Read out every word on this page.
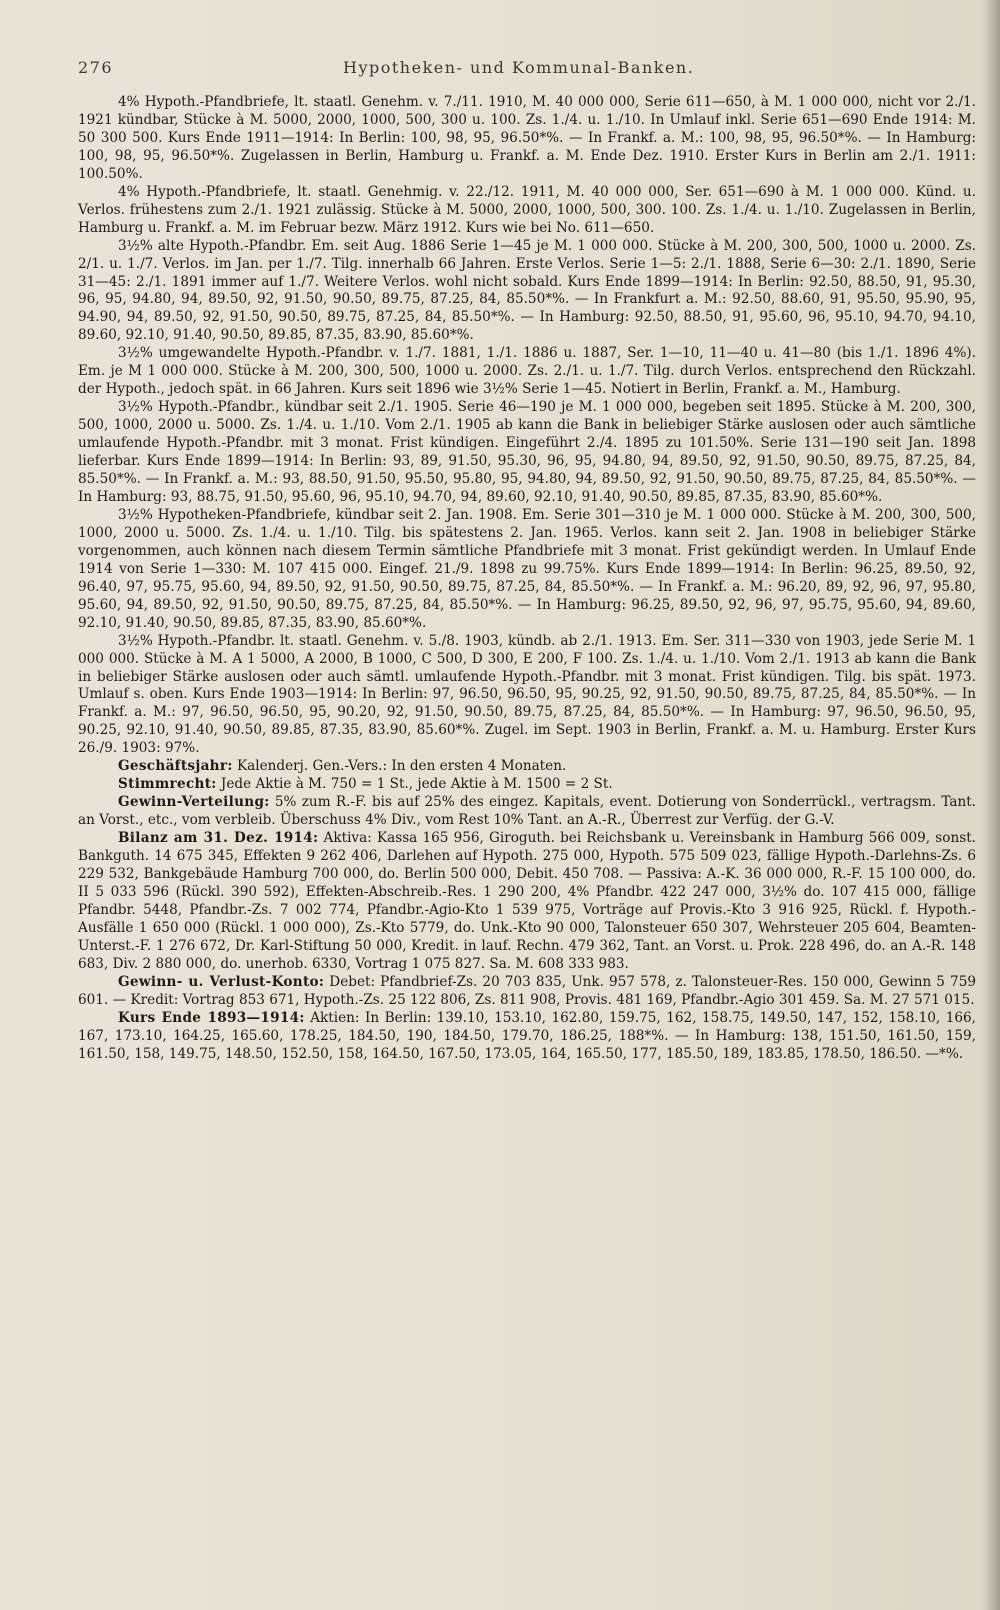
276	Hypotheken- und Kommunal-Banken.

4% Hypoth.-Pfandbriefe, lt. staatl. Genehm. v. 7./11. 1910, M. 40 000 000, Serie 611—650, à M. 1 000 000, nicht vor 2./1. 1921 kündbar, Stücke à M. 5000, 2000, 1000, 500, 300 u. 100. Zs. 1./4. u. 1./10. In Umlauf inkl. Serie 651—690 Ende 1914: M. 50 300 500. Kurs Ende 1911—1914: In Berlin: 100, 98, 95, 96.50*%. — In Frankf. a. M.: 100, 98, 95, 96.50*%. — In Hamburg: 100, 98, 95, 96.50*%. Zugelassen in Berlin, Hamburg u. Frankf. a. M. Ende Dez. 1910. Erster Kurs in Berlin am 2./1. 1911: 100.50%.

4% Hypoth.-Pfandbriefe, lt. staatl. Genehmig. v. 22./12. 1911, M. 40 000 000, Ser. 651—690 à M. 1 000 000. Künd. u. Verlos. frühestens zum 2./1. 1921 zulässig. Stücke à M. 5000, 2000, 1000, 500, 300. 100. Zs. 1./4. u. 1./10. Zugelassen in Berlin, Hamburg u. Frankf. a. M. im Februar bezw. März 1912. Kurs wie bei No. 611—650.

3½% alte Hypoth.-Pfandbr. Em. seit Aug. 1886 Serie 1—45 je M. 1 000 000. Stücke à M. 200, 300, 500, 1000 u. 2000. Zs. 2/1. u. 1./7. Verlos. im Jan. per 1./7. Tilg. innerhalb 66 Jahren. Erste Verlos. Serie 1—5: 2./1. 1888, Serie 6—30: 2./1. 1890, Serie 31—45: 2./1. 1891 immer auf 1./7. Weitere Verlos. wohl nicht sobald. Kurs Ende 1899—1914: In Berlin: 92.50, 88.50, 91, 95.30, 96, 95, 94.80, 94, 89.50, 92, 91.50, 90.50, 89.75, 87.25, 84, 85.50*%. — In Frankfurt a. M.: 92.50, 88.60, 91, 95.50, 95.90, 95, 94.90, 94, 89.50, 92, 91.50, 90.50, 89.75, 87.25, 84, 85.50*%. — In Hamburg: 92.50, 88.50, 91, 95.60, 96, 95.10, 94.70, 94.10, 89.60, 92.10, 91.40, 90.50, 89.85, 87.35, 83.90, 85.60*%.

3½% umgewandelte Hypoth.-Pfandbr. v. 1./7. 1881, 1./1. 1886 u. 1887, Ser. 1—10, 11—40 u. 41—80 (bis 1./1. 1896 4%). Em. je M 1 000 000. Stücke à M. 200, 300, 500, 1000 u. 2000. Zs. 2./1. u. 1./7. Tilg. durch Verlos. entsprechend den Rückzahl. der Hypoth., jedoch spät. in 66 Jahren. Kurs seit 1896 wie 3½% Serie 1—45. Notiert in Berlin, Frankf. a. M., Hamburg.

3½% Hypoth.-Pfandbr., kündbar seit 2./1. 1905. Serie 46—190 je M. 1 000 000, begeben seit 1895. Stücke à M. 200, 300, 500, 1000, 2000 u. 5000. Zs. 1./4. u. 1./10. Vom 2./1. 1905 ab kann die Bank in beliebiger Stärke auslosen oder auch sämtliche umlaufende Hypoth.-Pfandbr. mit 3 monat. Frist kündigen. Eingeführt 2./4. 1895 zu 101.50%. Serie 131—190 seit Jan. 1898 lieferbar. Kurs Ende 1899—1914: In Berlin: 93, 89, 91.50, 95.30, 96, 95, 94.80, 94, 89.50, 92, 91.50, 90.50, 89.75, 87.25, 84, 85.50*%. — In Frankf. a. M.: 93, 88.50, 91.50, 95.50, 95.80, 95, 94.80, 94, 89.50, 92, 91.50, 90.50, 89.75, 87.25, 84, 85.50*%. — In Hamburg: 93, 88.75, 91.50, 95.60, 96, 95.10, 94.70, 94, 89.60, 92.10, 91.40, 90.50, 89.85, 87.35, 83.90, 85.60*%.

3½% Hypotheken-Pfandbriefe, kündbar seit 2. Jan. 1908. Em. Serie 301—310 je M. 1 000 000. Stücke à M. 200, 300, 500, 1000, 2000 u. 5000. Zs. 1./4. u. 1./10. Tilg. bis spätestens 2. Jan. 1965. Verlos. kann seit 2. Jan. 1908 in beliebiger Stärke vorgenommen, auch können nach diesem Termin sämtliche Pfandbriefe mit 3 monat. Frist gekündigt werden. In Umlauf Ende 1914 von Serie 1—330: M. 107 415 000. Eingef. 21./9. 1898 zu 99.75%. Kurs Ende 1899—1914: In Berlin: 96.25, 89.50, 92, 96.40, 97, 95.75, 95.60, 94, 89.50, 92, 91.50, 90.50, 89.75, 87.25, 84, 85.50*%. — In Frankf. a. M.: 96.20, 89, 92, 96, 97, 95.80, 95.60, 94, 89.50, 92, 91.50, 90.50, 89.75, 87.25, 84, 85.50*%. — In Hamburg: 96.25, 89.50, 92, 96, 97, 95.75, 95.60, 94, 89.60, 92.10, 91.40, 90.50, 89.85, 87.35, 83.90, 85.60*%.

3½% Hypoth.-Pfandbr. lt. staatl. Genehm. v. 5./8. 1903, kündb. ab 2./1. 1913. Em. Ser. 311—330 von 1903, jede Serie M. 1 000 000. Stücke à M. A 1 5000, A 2000, B 1000, C 500, D 300, E 200, F 100. Zs. 1./4. u. 1./10. Vom 2./1. 1913 ab kann die Bank in beliebiger Stärke auslosen oder auch sämtl. umlaufende Hypoth.-Pfandbr. mit 3 monat. Frist kündigen. Tilg. bis spät. 1973. Umlauf s. oben. Kurs Ende 1903—1914: In Berlin: 97, 96.50, 96.50, 95, 90.25, 92, 91.50, 90.50, 89.75, 87.25, 84, 85.50*%. — In Frankf. a. M.: 97, 96.50, 96.50, 95, 90.20, 92, 91.50, 90.50, 89.75, 87.25, 84, 85.50*%. — In Hamburg: 97, 96.50, 96.50, 95, 90.25, 92.10, 91.40, 90.50, 89.85, 87.35, 83.90, 85.60*%. Zugel. im Sept. 1903 in Berlin, Frankf. a. M. u. Hamburg. Erster Kurs 26./9. 1903: 97%.

Geschäftsjahr: Kalenderj. Gen.-Vers.: In den ersten 4 Monaten.

Stimmrecht: Jede Aktie à M. 750 = 1 St., jede Aktie à M. 1500 = 2 St.

Gewinn-Verteilung: 5% zum R.-F. bis auf 25% des eingez. Kapitals, event. Dotierung von Sonderrückl., vertragsm. Tant. an Vorst., etc., vom verbleib. Überschuss 4% Div., vom Rest 10% Tant. an A.-R., Überrest zur Verfüg. der G.-V.

Bilanz am 31. Dez. 1914: Aktiva: Kassa 165 956, Giroguth. bei Reichsbank u. Vereinsbank in Hamburg 566 009, sonst. Bankguth. 14 675 345, Effekten 9 262 406, Darlehen auf Hypoth. 275 000, Hypoth. 575 509 023, fällige Hypoth.-Darlehns-Zs. 6 229 532, Bankgebäude Hamburg 700 000, do. Berlin 500 000, Debit. 450 708. — Passiva: A.-K. 36 000 000, R.-F. 15 100 000, do. II 5 033 596 (Rückl. 390 592), Effekten-Abschreib.-Res. 1 290 200, 4% Pfandbr. 422 247 000, 3½% do. 107 415 000, fällige Pfandbr. 5448, Pfandbr.-Zs. 7 002 774, Pfandbr.-Agio-Kto 1 539 975, Vorträge auf Provis.-Kto 3 916 925, Rückl. f. Hypoth.-Ausfälle 1 650 000 (Rückl. 1 000 000), Zs.-Kto 5779, do. Unk.-Kto 90 000, Talonsteuer 650 307, Wehrsteuer 205 604, Beamten-Unterst.-F. 1 276 672, Dr. Karl-Stiftung 50 000, Kredit. in lauf. Rechn. 479 362, Tant. an Vorst. u. Prok. 228 496, do. an A.-R. 148 683, Div. 2 880 000, do. unerhob. 6330, Vortrag 1 075 827. Sa. M. 608 333 983.

Gewinn- u. Verlust-Konto: Debet: Pfandbrief-Zs. 20 703 835, Unk. 957 578, z. Talonsteuer-Res. 150 000, Gewinn 5 759 601. — Kredit: Vortrag 853 671, Hypoth.-Zs. 25 122 806, Zs. 811 908, Provis. 481 169, Pfandbr.-Agio 301 459. Sa. M. 27 571 015.

Kurs Ende 1893—1914: Aktien: In Berlin: 139.10, 153.10, 162.80, 159.75, 162, 158.75, 149.50, 147, 152, 158.10, 166, 167, 173.10, 164.25, 165.60, 178.25, 184.50, 190, 184.50, 179.70, 186.25, 188*%. — In Hamburg: 138, 151.50, 161.50, 159, 161.50, 158, 149.75, 148.50, 152.50, 158, 164.50, 167.50, 173.05, 164, 165.50, 177, 185.50, 189, 183.85, 178.50, 186.50. —*%.
